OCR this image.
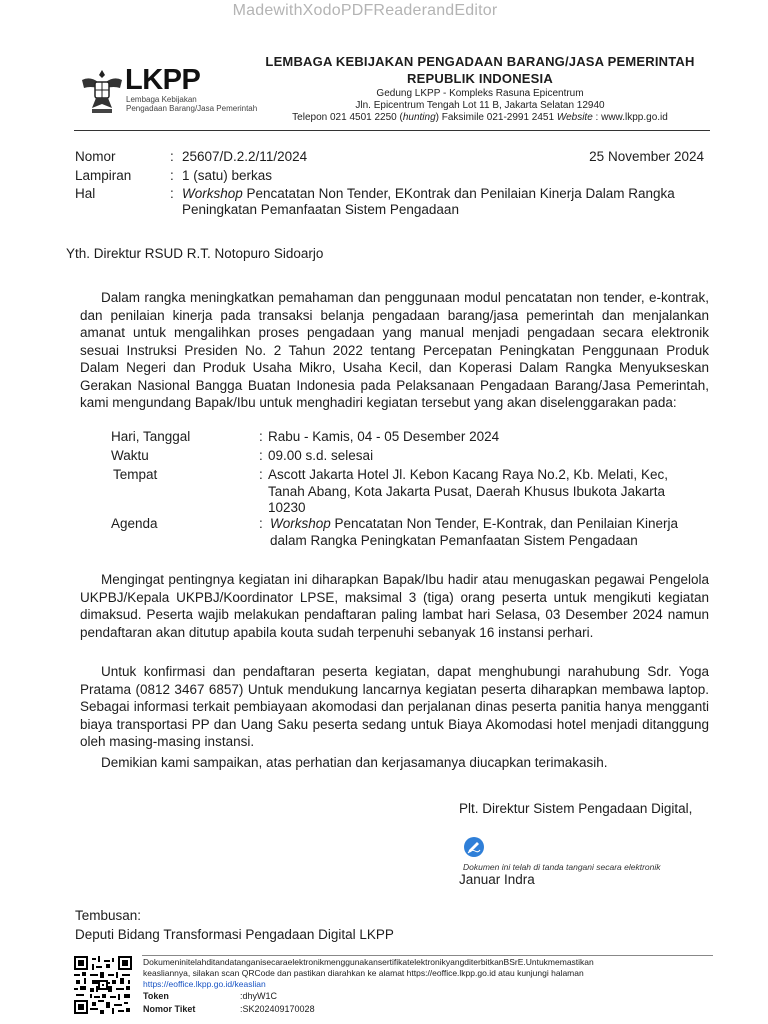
MadewithXodoPDFReaderandEditor
LKPP
Lembaga Kebijakan
Pengadaan Barang/Jasa Pemerintah
LEMBAGA KEBIJAKAN PENGADAAN BARANG/JASA PEMERINTAH
REPUBLIK INDONESIA
Gedung LKPP - Kompleks Rasuna Epicentrum
Jln. Epicentrum Tengah Lot 11 B, Jakarta Selatan 12940
Telepon 021 4501 2250 (hunting) Faksimile 021-2991 2451 Website : www.lkpp.go.id
Nomor	: 25607/D.2.2/11/2024	25 November 2024
Lampiran	: 1 (satu) berkas
Hal	: Workshop Pencatatan Non Tender, EKontrak dan Penilaian Kinerja Dalam Rangka
Peningkatan Pemanfaatan Sistem Pengadaan
Yth. Direktur RSUD R.T. Notopuro Sidoarjo
Dalam rangka meningkatkan pemahaman dan penggunaan modul pencatatan non tender, e-kontrak, dan penilaian kinerja pada transaksi belanja pengadaan barang/jasa pemerintah dan menjalankan amanat untuk mengalihkan proses pengadaan yang manual menjadi pengadaan secara elektronik sesuai Instruksi Presiden No. 2 Tahun 2022 tentang Percepatan Peningkatan Penggunaan Produk Dalam Negeri dan Produk Usaha Mikro, Usaha Kecil, dan Koperasi Dalam Rangka Menyukseskan Gerakan Nasional Bangga Buatan Indonesia pada Pelaksanaan Pengadaan Barang/Jasa Pemerintah, kami mengundang Bapak/Ibu untuk menghadiri kegiatan tersebut yang akan diselenggarakan pada:
Hari, Tanggal	: Rabu - Kamis, 04 - 05 Desember 2024
Waktu	: 09.00 s.d. selesai
Tempat	: Ascott Jakarta Hotel Jl. Kebon Kacang Raya No.2, Kb. Melati, Kec, Tanah Abang, Kota Jakarta Pusat, Daerah Khusus Ibukota Jakarta 10230
Agenda	: Workshop Pencatatan Non Tender, E-Kontrak, dan Penilaian Kinerja
dalam Rangka Peningkatan Pemanfaatan Sistem Pengadaan
Mengingat pentingnya kegiatan ini diharapkan Bapak/Ibu hadir atau menugaskan pegawai Pengelola UKPBJ/Kepala UKPBJ/Koordinator LPSE, maksimal 3 (tiga) orang peserta untuk mengikuti kegiatan dimaksud. Peserta wajib melakukan pendaftaran paling lambat hari Selasa, 03 Desember 2024 namun pendaftaran akan ditutup apabila kouta sudah terpenuhi sebanyak 16 instansi perhari.
Untuk konfirmasi dan pendaftaran peserta kegiatan, dapat menghubungi narahubung Sdr. Yoga Pratama (0812 3467 6857) Untuk mendukung lancarnya kegiatan peserta diharapkan membawa laptop. Sebagai informasi terkait pembiayaan akomodasi dan perjalanan dinas peserta panitia hanya mengganti biaya transportasi PP dan Uang Saku peserta sedang untuk Biaya Akomodasi hotel menjadi ditanggung oleh masing-masing instansi.
Demikian kami sampaikan, atas perhatian dan kerjasamanya diucapkan terimakasih.
Plt. Direktur Sistem Pengadaan Digital,
Dokumen ini telah di tanda tangani secara elektronik
Januar Indra
Tembusan:
Deputi Bidang Transformasi Pengadaan Digital LKPP
DokumeninitelahditandatanganisecaraelektronikmenggunakansertifikatelektronikyangditerbitkanBSrE.Untukmemastikan
keasliannya, silakan scan QRCode dan pastikan diarahkan ke alamat https://eoffice.lkpp.go.id atau kunjungi halaman
https://eoffice.lkpp.go.id/keaslian
Token	:dhyW1C
Nomor Tiket	:SK202409170028
